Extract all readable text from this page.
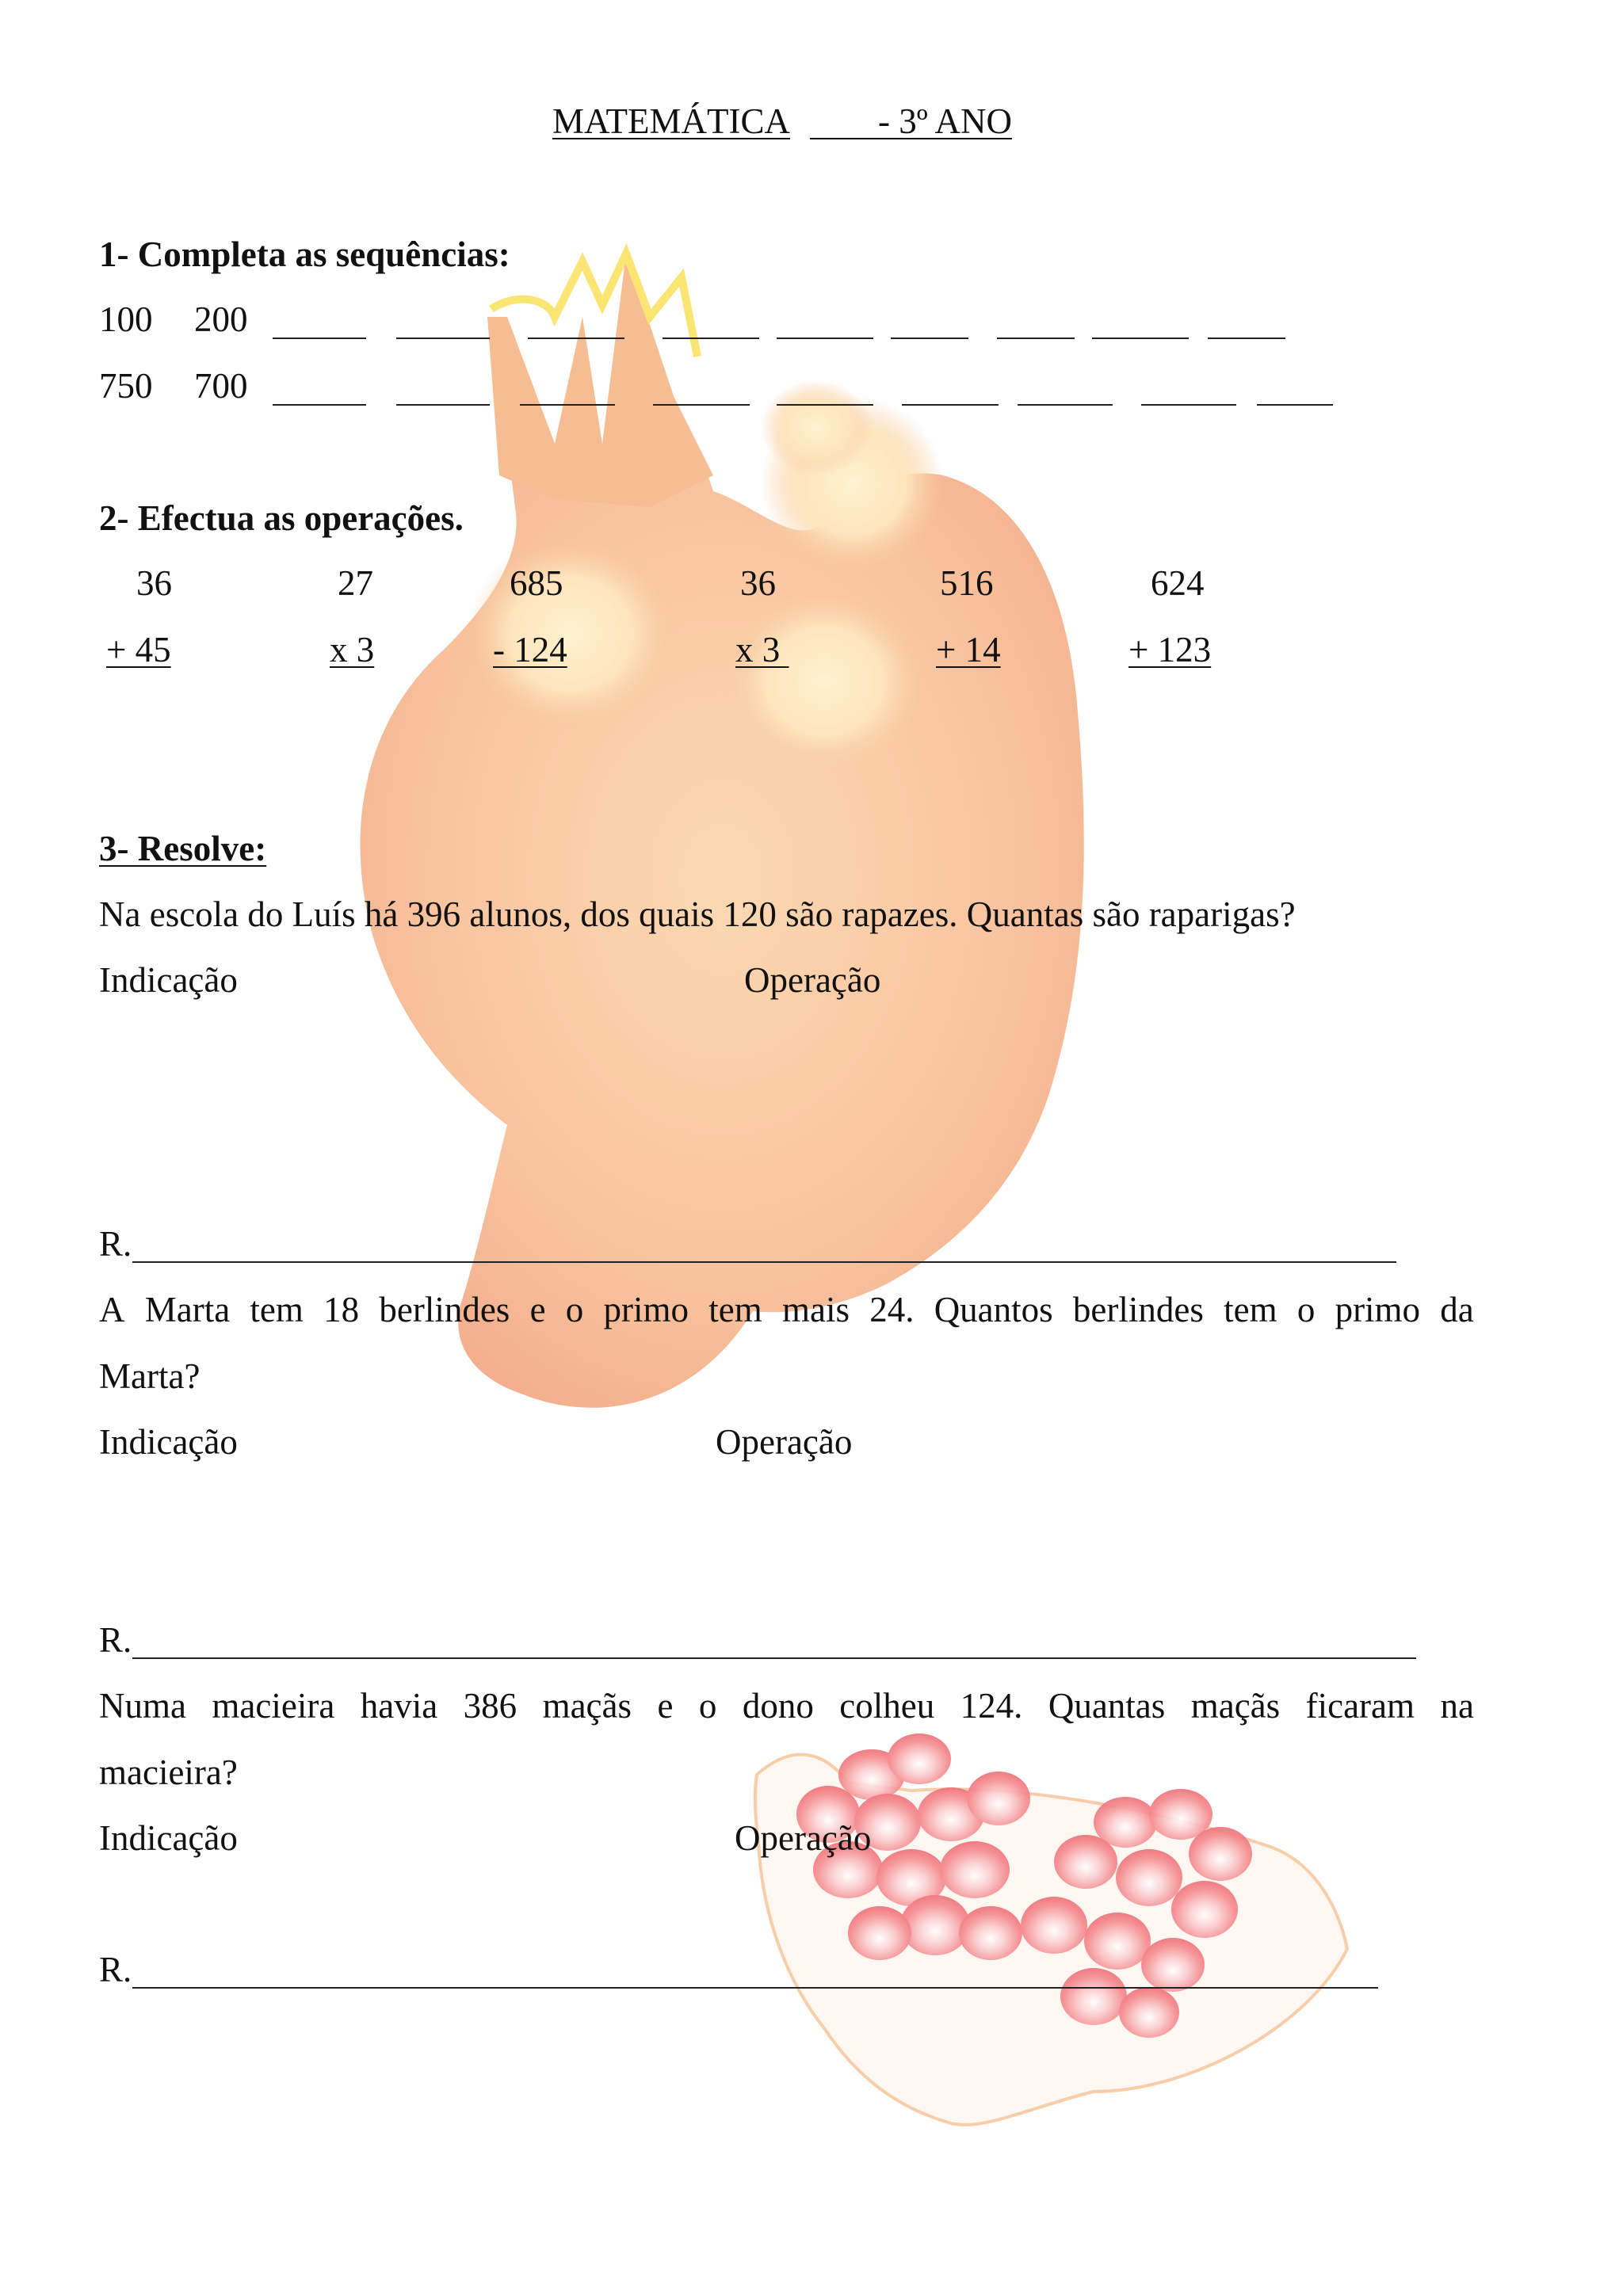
MATEMÁTICA - 3º ANO
1- Completa as sequências:
100 200
750 700
2- Efectua as operações.
36
+ 45
27
x 3
685
- 124
36
x 3
516
+ 14
624
+ 123
3- Resolve:
Na escola do Luís há 396 alunos, dos quais 120 são rapazes. Quantas são raparigas?
Indicação	Operação
R.
A Marta tem 18 berlindes e o primo tem mais 24. Quantos berlindes tem o primo da
Marta?
Indicação	Operação
R.
Numa macieira havia 386 maçãs e o dono colheu 124. Quantas maçãs ficaram na
macieira?
Indicação	Operação
R.
